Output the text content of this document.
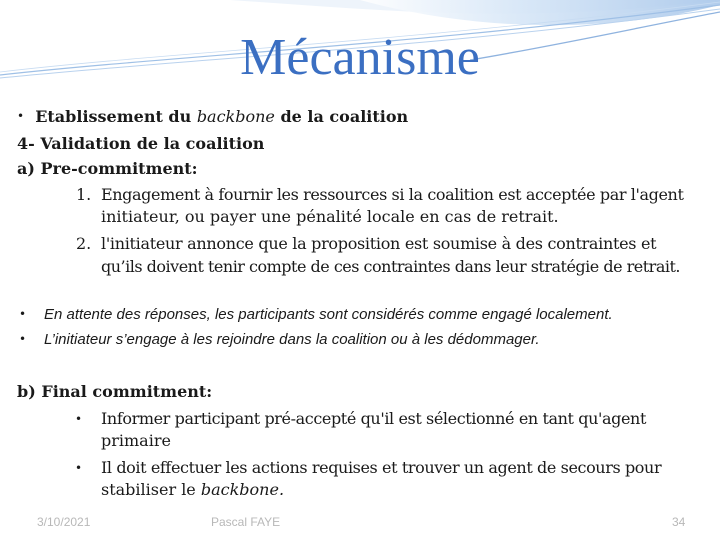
Mécanisme
• Etablissement du backbone de la coalition
4- Validation de la coalition
a) Pre-commitment:
1. Engagement à fournir les ressources si la coalition est acceptée par l'agent
initiateur, ou payer une pénalité locale en cas de retrait.
2. l'initiateur annonce que la proposition est soumise à des contraintes et
qu’ils doivent tenir compte de ces contraintes dans leur stratégie de retrait.
• En attente des réponses, les participants sont considérés comme engagé localement.
• L’initiateur s’engage à les rejoindre dans la coalition ou à les dédommager.
b) Final commitment:
• Informer participant pré-accepté qu'il est sélectionné en tant qu'agent
primaire
• Il doit effectuer les actions requises et trouver un agent de secours pour
stabiliser le backbone.
3/10/2021	Pascal FAYE	34
